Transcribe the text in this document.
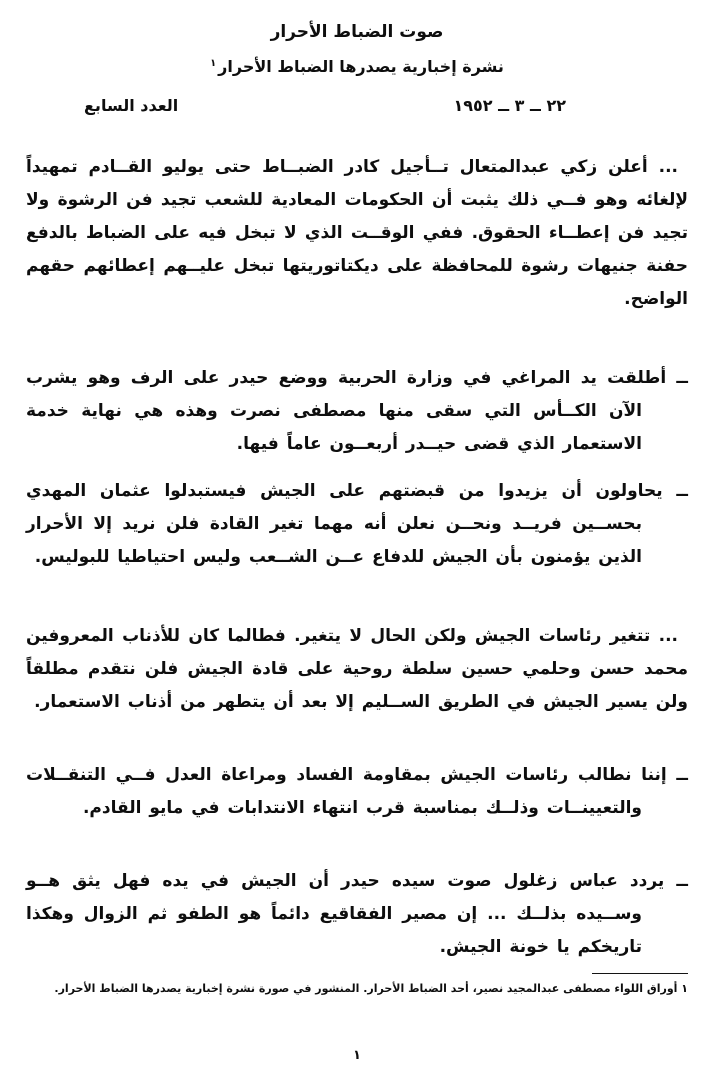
صوت الضباط الأحرار
نشرة إخبارية يصدرها الضباط الأحرار$^١$
٢٢ ــ ٣ ــ ١٩٥٢
العدد السابع

... أعلن زكي عبدالمتعال تــأجيل كادر الضبــاط حتى يوليو القــادم تمهيداً لإلغائه وهو فــي ذلك يثبت أن الحكومات المعادية للشعب تجيد فن الرشوة ولا تجيد فن إعطــاء الحقوق. ففي الوقــت الذي لا تبخل فيه على الضباط بالدفع حفنة جنيهات رشوة للمحافظة على ديكتاتوريتها تبخل عليــهم إعطائهم حقهم الواضح.

ــ أطلقت يد المراغي في وزارة الحربية ووضع حيدر على الرف وهو يشرب الآن الكــأس التي سقى منها مصطفى نصرت وهذه هي نهاية خدمة الاستعمار الذي قضى حيــدر أربعــون عاماً فيها.

ــ يحاولون أن يزيدوا من قبضتهم على الجيش فيستبدلوا عثمان المهدي بحســين فريــد ونحــن نعلن أنه مهما تغير القادة فلن نريد إلا الأحرار الذين يؤمنون بأن الجيش للدفاع عــن الشــعب وليس احتياطيا للبوليس.

... تتغير رئاسات الجيش ولكن الحال لا يتغير. فطالما كان للأذناب المعروفين محمد حسن وحلمي حسين سلطة روحية على قادة الجيش فلن نتقدم مطلقاً ولن يسير الجيش في الطريق الســليم إلا بعد أن يتطهر من أذناب الاستعمار.

ــ إننا نطالب رئاسات الجيش بمقاومة الفساد ومراعاة العدل فــي التنقــلات والتعيينــات وذلــك بمناسبة قرب انتهاء الانتدابات في مايو القادم.

ــ يردد عباس زغلول صوت سيده حيدر أن الجيش في يده فهل يثق هــو وســيده بذلــك ... إن مصير الفقاقيع دائماً هو الطفو ثم الزوال وهكذا تاريخكم يا خونة الجيش.

١ أوراق اللواء مصطفى عبدالمجيد نصير، أحد الضباط الأحرار. المنشور في صورة نشرة إخبارية يصدرها الضباط الأحرار.
١
